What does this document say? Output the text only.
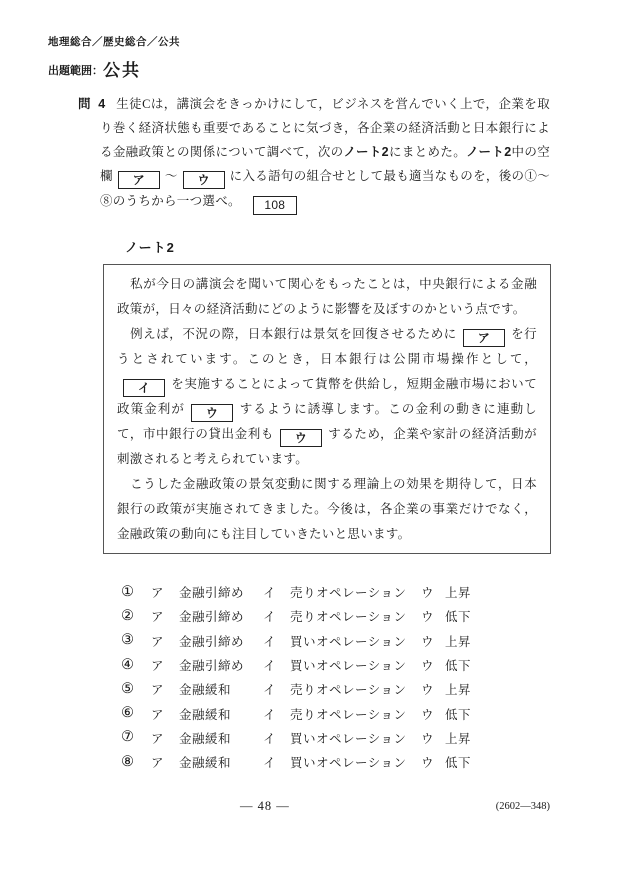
地理総合／歴史総合／公共
出題範囲：公共
問 4 生徒Cは，講演会をきっかけにして，ビジネスを営んでいく上で，企業を取り巻く経済状態も重要であることに気づき，各企業の経済活動と日本銀行による金融政策との関係について調べて，次のノート2にまとめた。ノート2中の空欄 ア ～ ウ に入る語句の組合せとして最も適当なものを，後の①～⑧のうちから一つ選べ。 108
ノート2
　私が今日の講演会を聞いて関心をもったことは，中央銀行による金融政策が，日々の経済活動にどのように影響を及ぼすのかという点です。
　例えば，不況の際，日本銀行は景気を回復させるために ア を行うとされています。このとき，日本銀行は公開市場操作として，イ を実施することによって貨幣を供給し，短期金融市場において政策金利が ウ するように誘導します。この金利の動きに連動して，市中銀行の貸出金利も ウ するため，企業や家計の経済活動が刺激されると考えられています。
　こうした金融政策の景気変動に関する理論上の効果を期待して，日本銀行の政策が実施されてきました。今後は，各企業の事業だけでなく，金融政策の動向にも注目していきたいと思います。
①	ア	金融引締め	イ	売りオペレーション	ウ 上昇
②	ア	金融引締め	イ	売りオペレーション	ウ 低下
③	ア	金融引締め	イ	買いオペレーション	ウ 上昇
④	ア	金融引締め	イ	買いオペレーション	ウ 低下
⑤	ア	金融緩和	イ	売りオペレーション	ウ 上昇
⑥	ア	金融緩和	イ	売りオペレーション	ウ 低下
⑦	ア	金融緩和	イ	買いオペレーション	ウ 上昇
⑧	ア	金融緩和	イ	買いオペレーション	ウ 低下
— 48 —	(2602—348)
